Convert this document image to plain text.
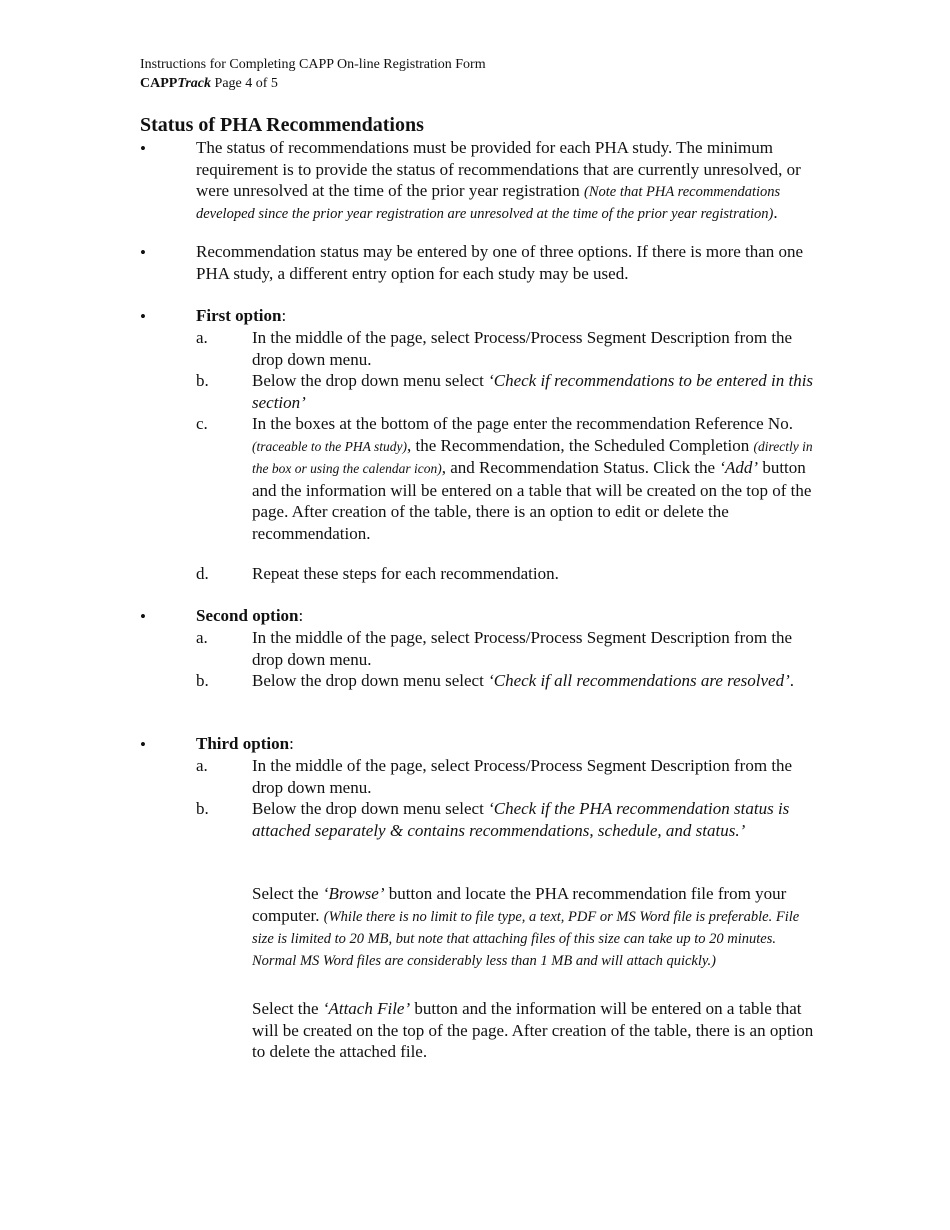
Instructions for Completing CAPP On-line Registration Form
CAPPTrack Page 4 of 5
Status of PHA Recommendations
•	The status of recommendations must be provided for each PHA study. The minimum requirement is to provide the status of recommendations that are currently unresolved, or were unresolved at the time of the prior year registration (Note that PHA recommendations developed since the prior year registration are unresolved at the time of the prior year registration).
•	Recommendation status may be entered by one of three options. If there is more than one PHA study, a different entry option for each study may be used.
•	First option:
a.	In the middle of the page, select Process/Process Segment Description from the drop down menu.
b.	Below the drop down menu select ‘Check if recommendations to be entered in this section’
c.	In the boxes at the bottom of the page enter the recommendation Reference No. (traceable to the PHA study), the Recommendation, the Scheduled Completion (directly in the box or using the calendar icon), and Recommendation Status. Click the ‘Add’ button and the information will be entered on a table that will be created on the top of the page. After creation of the table, there is an option to edit or delete the recommendation.
d.	Repeat these steps for each recommendation.
•	Second option:
a.	In the middle of the page, select Process/Process Segment Description from the drop down menu.
b.	Below the drop down menu select ‘Check if all recommendations are resolved’.
•	Third option:
a.	In the middle of the page, select Process/Process Segment Description from the drop down menu.
b.	Below the drop down menu select ‘Check if the PHA recommendation status is attached separately & contains recommendations, schedule, and status.’
Select the ‘Browse’ button and locate the PHA recommendation file from your computer. (While there is no limit to file type, a text, PDF or MS Word file is preferable. File size is limited to 20 MB, but note that attaching files of this size can take up to 20 minutes. Normal MS Word files are considerably less than 1 MB and will attach quickly.)
Select the ‘Attach File’ button and the information will be entered on a table that will be created on the top of the page. After creation of the table, there is an option to delete the attached file.
